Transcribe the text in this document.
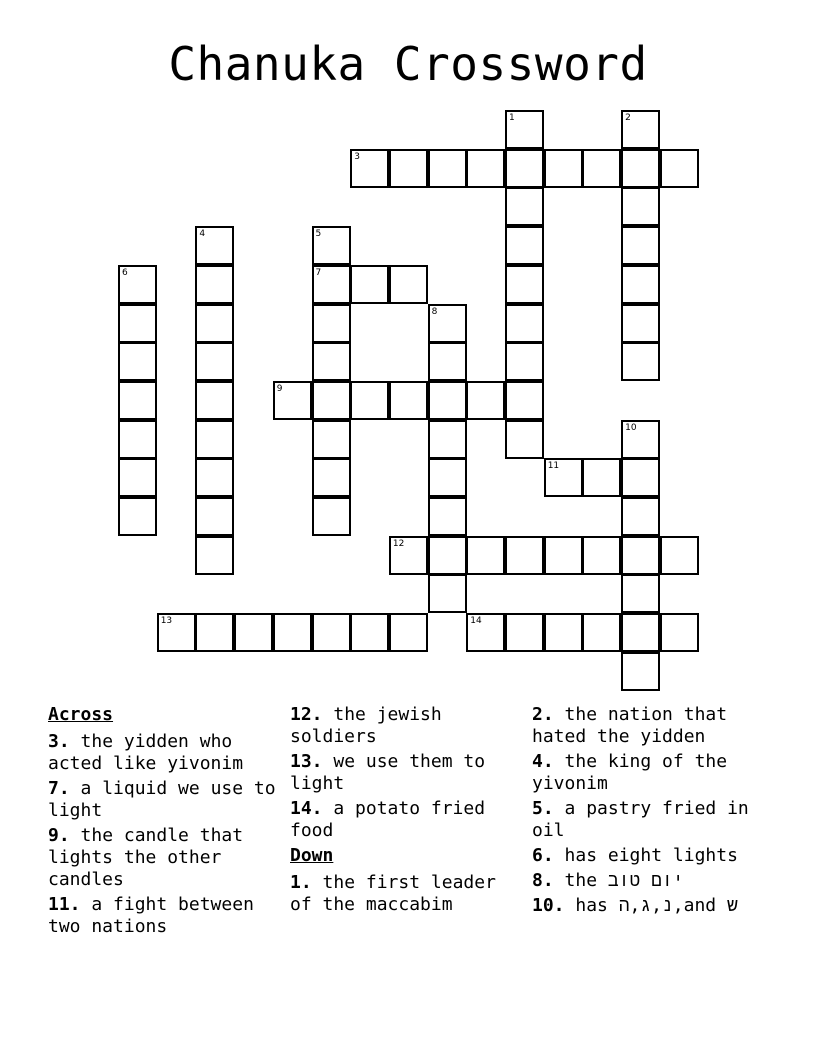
Chanuka Crossword
1	2
3
4	5
7
6
8
9
10
11
12
13	14
Across
3. the yidden who acted like yivonim
7. a liquid we use to light
9. the candle that lights the other candles
11. a fight between two nations
12. the jewish soldiers
13. we use them to light
14. a potato fried food
Down
1. the first leader of the maccabim
2. the nation that hated the yidden
4. the king of the yivonim
5. a pastry fried in oil
6. has eight lights
8. the יום טוב
10. has נ,ג,ה,and ש
